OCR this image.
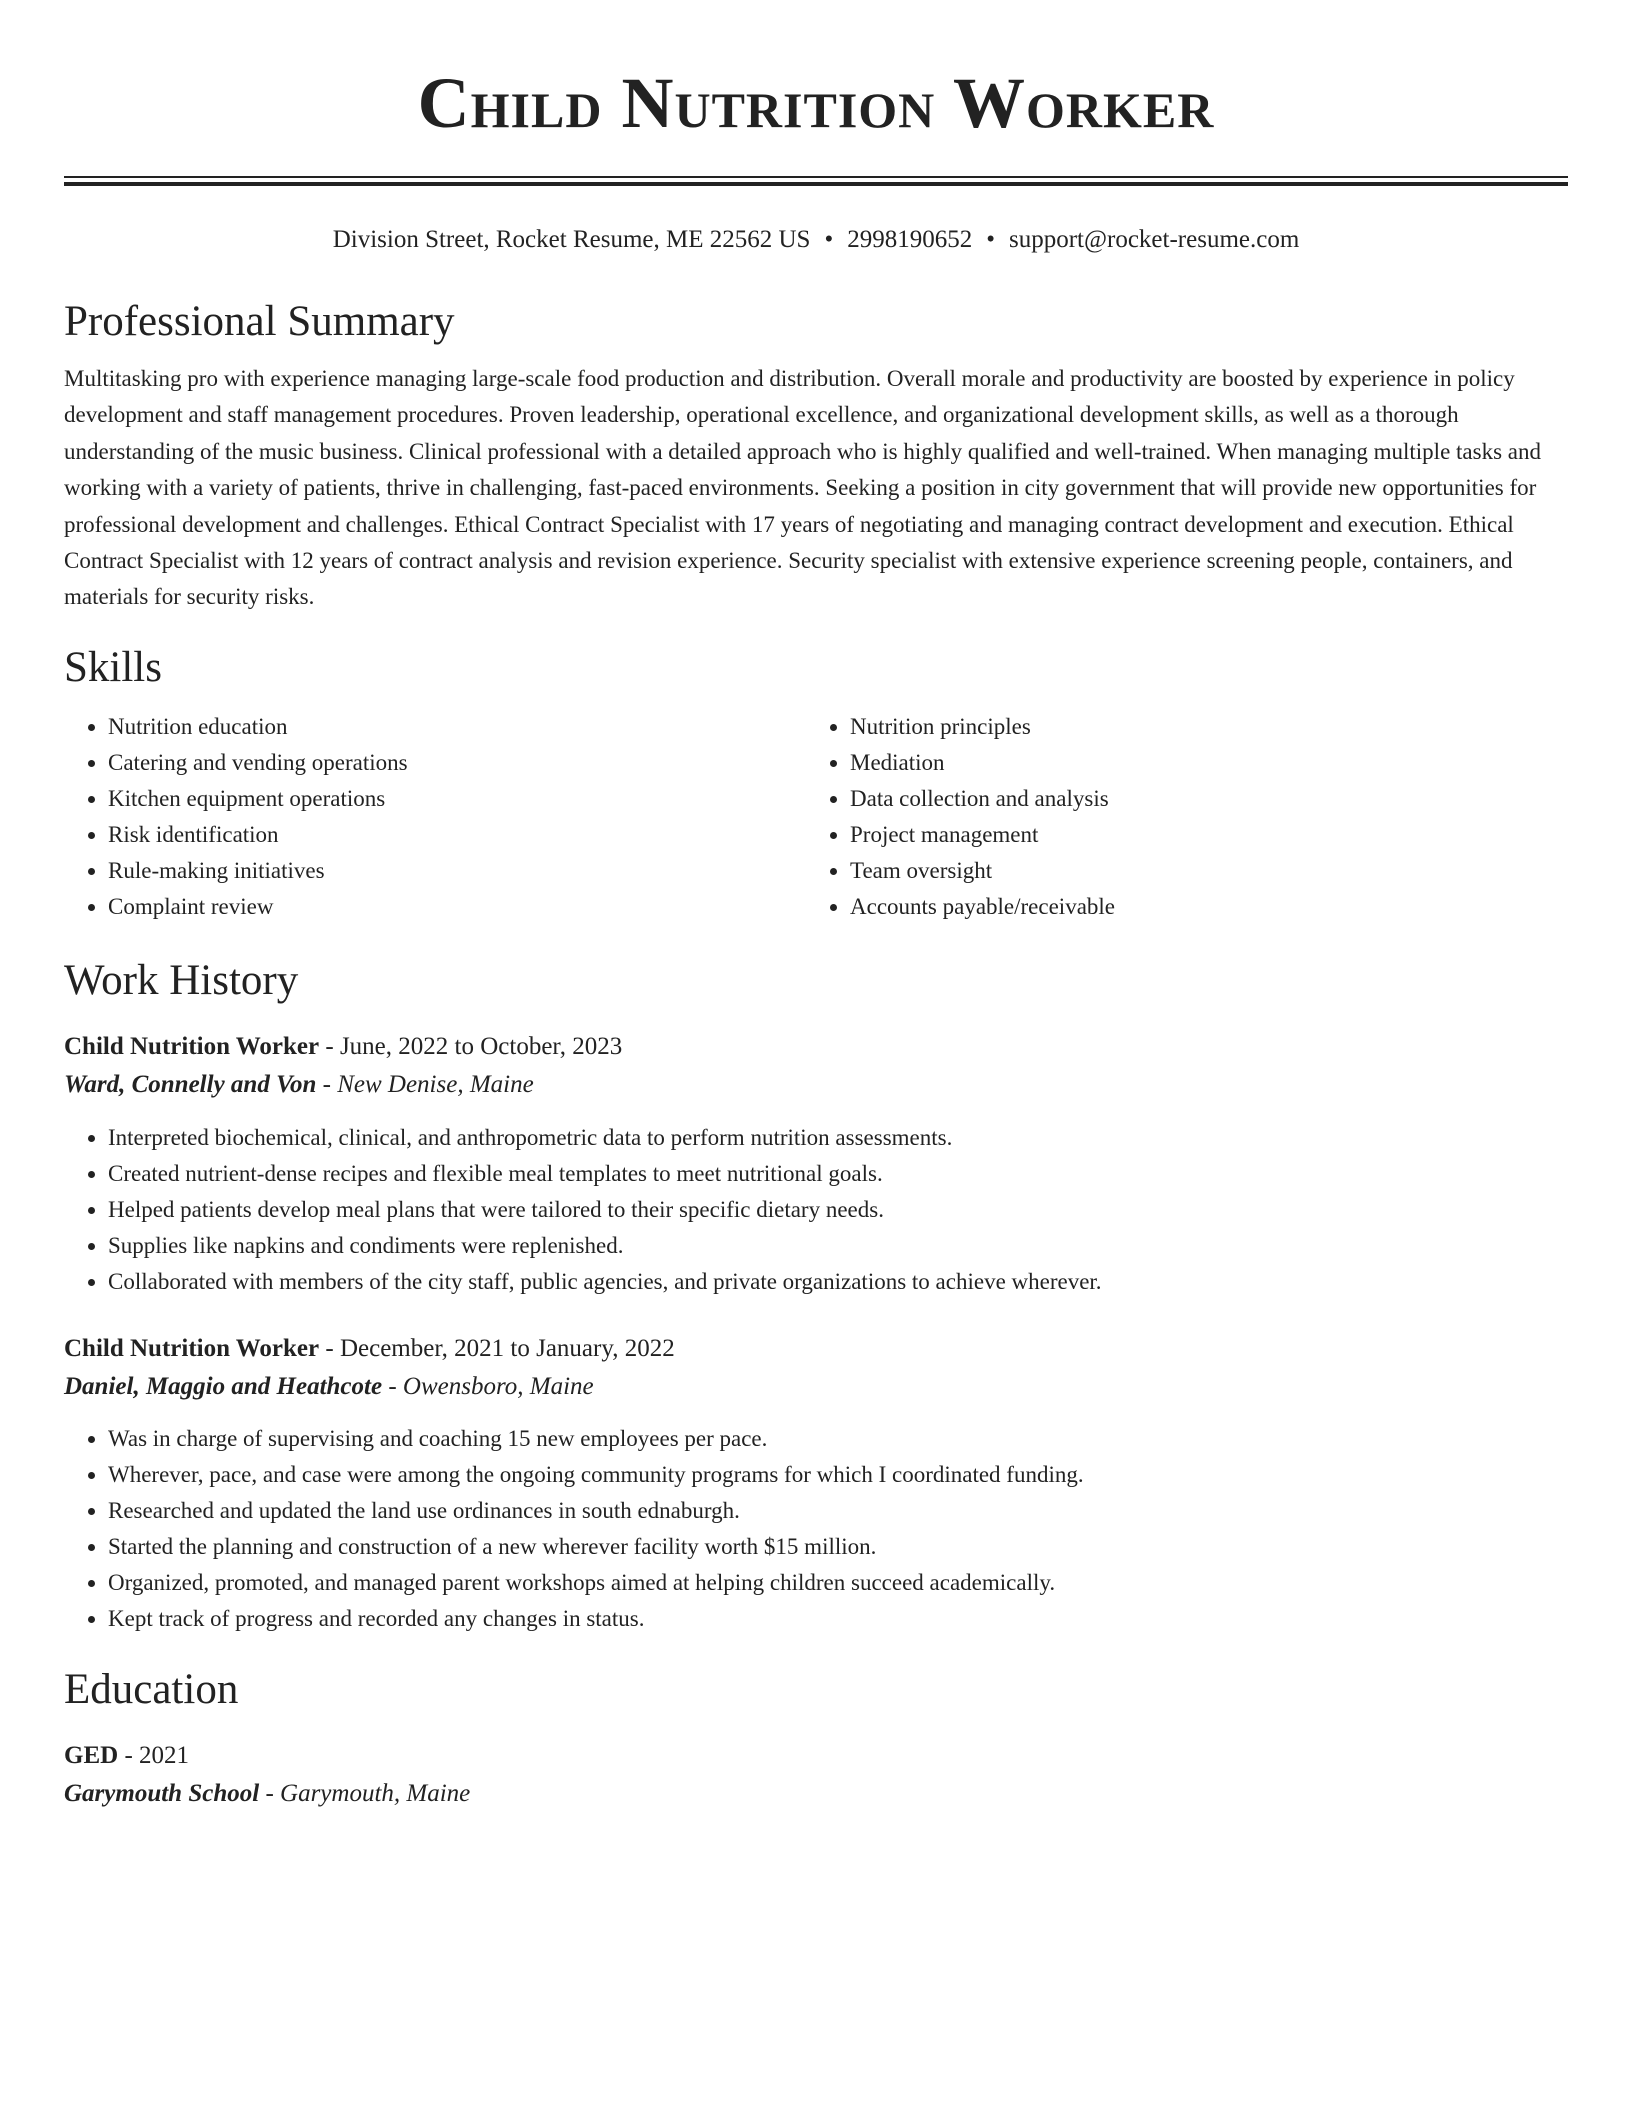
Child Nutrition Worker
Division Street, Rocket Resume, ME 22562 US • 2998190652 • support@rocket-resume.com
Professional Summary

Multitasking pro with experience managing large-scale food production and distribution. Overall morale and productivity are boosted by experience in policy development and staff management procedures. Proven leadership, operational excellence, and organizational development skills, as well as a thorough understanding of the music business. Clinical professional with a detailed approach who is highly qualified and well-trained. When managing multiple tasks and working with a variety of patients, thrive in challenging, fast-paced environments. Seeking a position in city government that will provide new opportunities for professional development and challenges. Ethical Contract Specialist with 17 years of negotiating and managing contract development and execution. Ethical Contract Specialist with 12 years of contract analysis and revision experience. Security specialist with extensive experience screening people, containers, and materials for security risks.

Skills
• Nutrition education
• Catering and vending operations
• Kitchen equipment operations
• Risk identification
• Rule-making initiatives
• Complaint review
• Nutrition principles
• Mediation
• Data collection and analysis
• Project management
• Team oversight
• Accounts payable/receivable
Work History
Child Nutrition Worker - June, 2022 to October, 2023
Ward, Connelly and Von - New Denise, Maine
• Interpreted biochemical, clinical, and anthropometric data to perform nutrition assessments.
• Created nutrient-dense recipes and flexible meal templates to meet nutritional goals.
• Helped patients develop meal plans that were tailored to their specific dietary needs.
• Supplies like napkins and condiments were replenished.
• Collaborated with members of the city staff, public agencies, and private organizations to achieve wherever.
Child Nutrition Worker - December, 2021 to January, 2022
Daniel, Maggio and Heathcote - Owensboro, Maine
• Was in charge of supervising and coaching 15 new employees per pace.
• Wherever, pace, and case were among the ongoing community programs for which I coordinated funding.
• Researched and updated the land use ordinances in south ednaburgh.
• Started the planning and construction of a new wherever facility worth $15 million.
• Organized, promoted, and managed parent workshops aimed at helping children succeed academically.
• Kept track of progress and recorded any changes in status.
Education
GED - 2021
Garymouth School - Garymouth, Maine
